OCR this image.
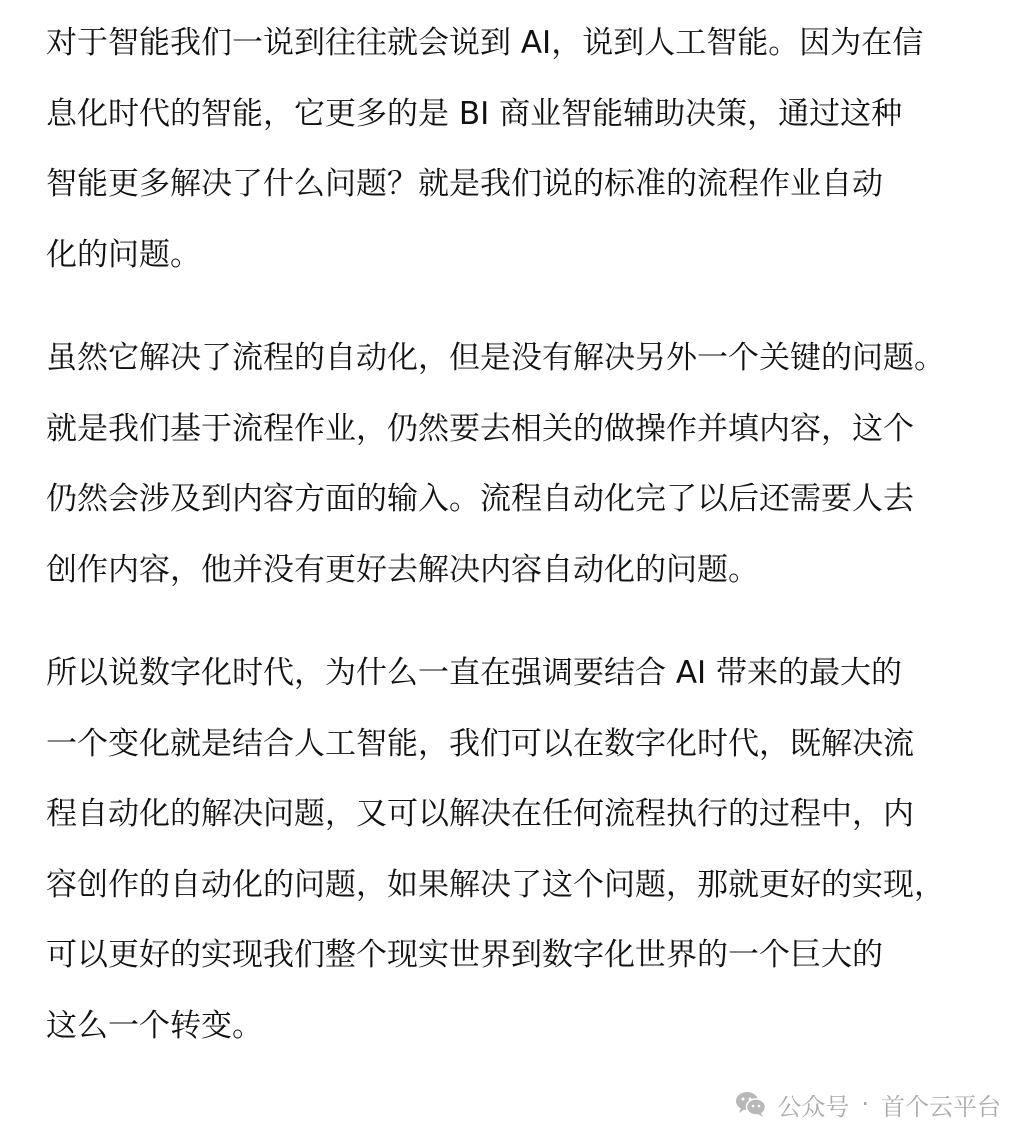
对于智能我们一说到往往就会说到 AI，说到人工智能。因为在信
息化时代的智能，它更多的是 BI 商业智能辅助决策，通过这种
智能更多解决了什么问题？就是我们说的标准的流程作业自动
化的问题。

虽然它解决了流程的自动化，但是没有解决另外一个关键的问题。
就是我们基于流程作业，仍然要去相关的做操作并填内容，这个
仍然会涉及到内容方面的输入。流程自动化完了以后还需要人去
创作内容，他并没有更好去解决内容自动化的问题。

所以说数字化时代，为什么一直在强调要结合 AI 带来的最大的
一个变化就是结合人工智能，我们可以在数字化时代，既解决流
程自动化的解决问题，又可以解决在任何流程执行的过程中，内
容创作的自动化的问题，如果解决了这个问题，那就更好的实现，
可以更好的实现我们整个现实世界到数字化世界的一个巨大的
这么一个转变。

公众号 · 首个云平台
